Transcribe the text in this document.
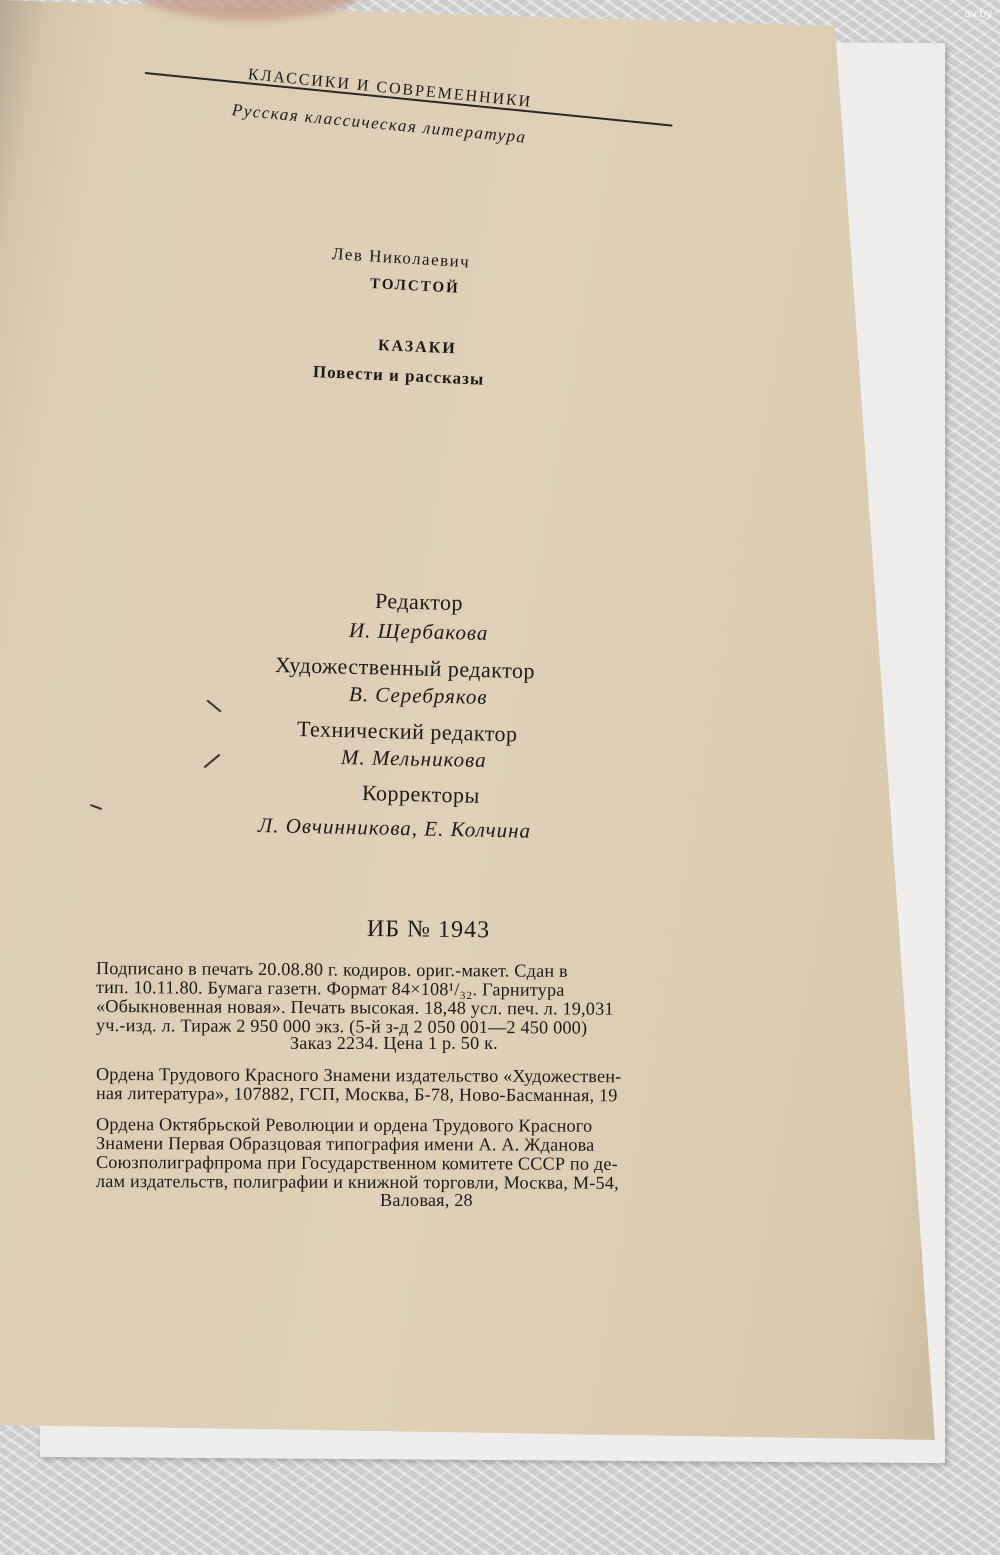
КЛАССИКИ И СОВРЕМЕННИКИ
Русская классическая литература
Лев Николаевич
ТОЛСТОЙ
КАЗАКИ
Повести и рассказы
Редактор
И. Щербакова
Художественный редактор
В. Серебряков
Технический редактор
М. Мельникова
Корректоры
Л. Овчинникова, Е. Колчина
ИБ № 1943
Подписано в печать 20.08.80 г. кодиров. ориг.-макет. Сдан в
тип. 10.11.80. Бумага газетн. Формат 84×108¹/₃₂. Гарнитура
«Обыкновенная новая». Печать высокая. 18,48 усл. печ. л. 19,031
уч.-изд. л. Тираж 2 950 000 экз. (5-й з-д 2 050 001—2 450 000)
Заказ 2234. Цена 1 р. 50 к.
Ордена Трудового Красного Знамени издательство «Художествен-
ная литература», 107882, ГСП, Москва, Б-78, Ново-Басманная, 19
Ордена Октябрьской Революции и ордена Трудового Красного
Знамени Первая Образцовая типография имени А. А. Жданова
Союзполиграфпрома при Государственном комитете СССР по де-
лам издательств, полиграфии и книжной торговли, Москва, М-54,
Валовая, 28
av.by
